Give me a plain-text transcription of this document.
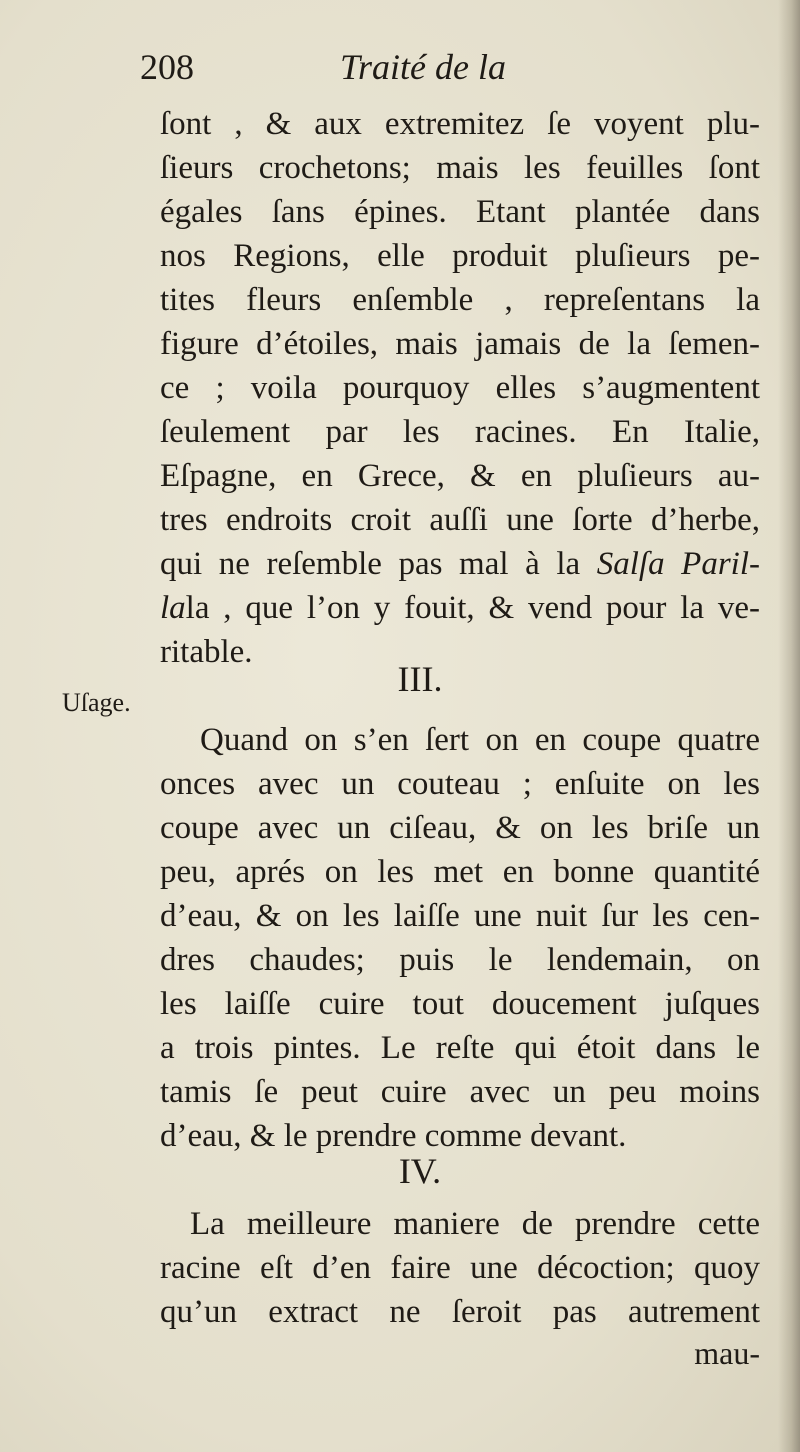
208	Traité de la
ſont , & aux extremitez ſe voyent plu-
ſieurs crochetons; mais les feuilles ſont
égales ſans épines. Etant plantée dans
nos Regions, elle produit pluſieurs pe-
tites fleurs enſemble , repreſentans la
figure d’étoiles, mais jamais de la ſemen-
ce ; voila pourquoy elles s’augmentent
ſeulement par les racines. En Italie,
Eſpagne, en Grece, & en pluſieurs au-
tres endroits croit auſſi une ſorte d’herbe,
qui ne reſemble pas mal à la Salſa Paril-
lala , que l’on y fouit, & vend pour la ve-
ritable.
III.
Uſage.
Quand on s’en ſert on en coupe quatre
onces avec un couteau ; enſuite on les
coupe avec un ciſeau, & on les briſe un
peu, aprés on les met en bonne quantité
d’eau, & on les laiſſe une nuit ſur les cen-
dres chaudes; puis le lendemain, on
les laiſſe cuire tout doucement juſques
a trois pintes. Le reſte qui étoit dans le
tamis ſe peut cuire avec un peu moins
d’eau, & le prendre comme devant.
IV.
La meilleure maniere de prendre cette
racine eſt d’en faire une décoction; quoy
qu’un extract ne ſeroit pas autrement
mau-
